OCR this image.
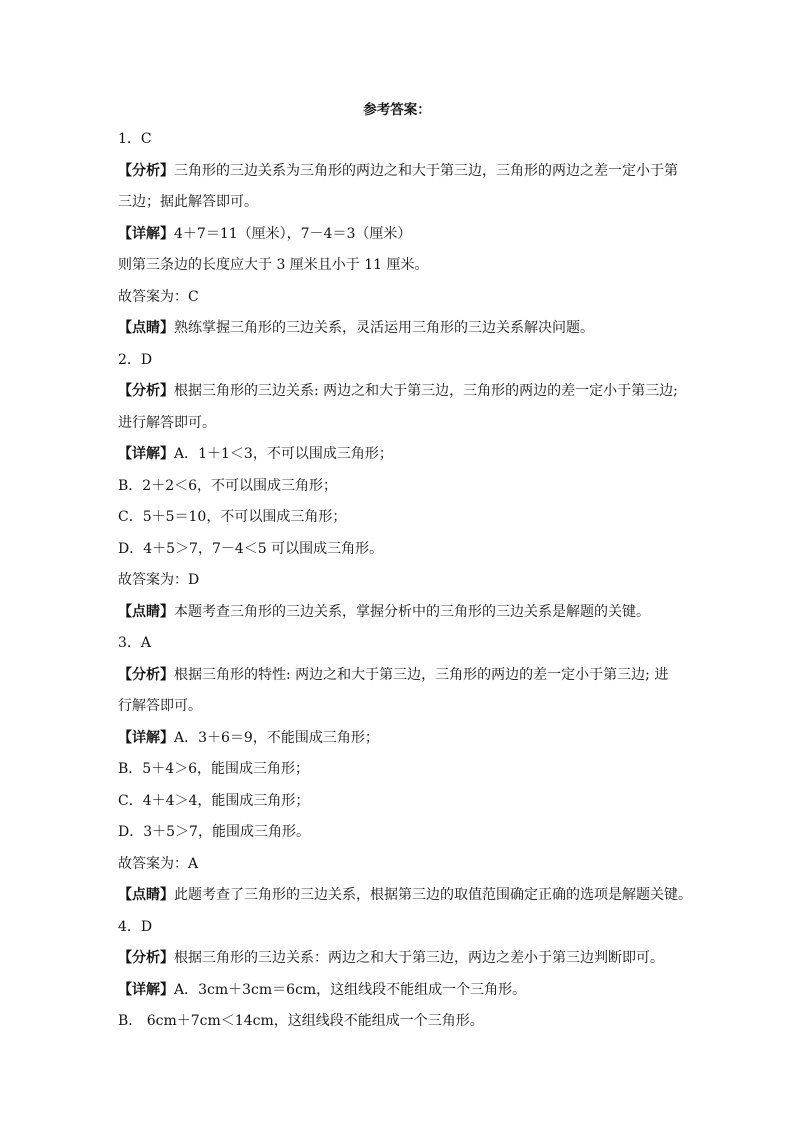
参考答案：
1．C
【分析】三角形的三边关系为三角形的两边之和大于第三边，三角形的两边之差一定小于第
三边；据此解答即可。
【详解】4＋7＝11（厘米），7－4＝3（厘米）
则第三条边的长度应大于 3 厘米且小于 11 厘米。
故答案为：C
【点睛】熟练掌握三角形的三边关系，灵活运用三角形的三边关系解决问题。
2．D
【分析】根据三角形的三边关系: 两边之和大于第三边，三角形的两边的差一定小于第三边;
进行解答即可。
【详解】A．1＋1＜3，不可以围成三角形；
B．2＋2＜6，不可以围成三角形；
C．5＋5＝10，不可以围成三角形；
D．4＋5＞7，7－4＜5 可以围成三角形。
故答案为：D
【点睛】本题考查三角形的三边关系，掌握分析中的三角形的三边关系是解题的关键。
3．A
【分析】根据三角形的特性: 两边之和大于第三边，三角形的两边的差一定小于第三边; 进
行解答即可。
【详解】A．3＋6＝9，不能围成三角形；
B．5＋4＞6，能围成三角形；
C．4＋4＞4，能围成三角形；
D．3＋5＞7，能围成三角形。
故答案为：A
【点睛】此题考查了三角形的三边关系，根据第三边的取值范围确定正确的选项是解题关键。
4．D
【分析】根据三角形的三边关系：两边之和大于第三边，两边之差小于第三边判断即可。
【详解】A．3cm＋3cm＝6cm，这组线段不能组成一个三角形。
B． 6cm＋7cm＜14cm，这组线段不能组成一个三角形。
